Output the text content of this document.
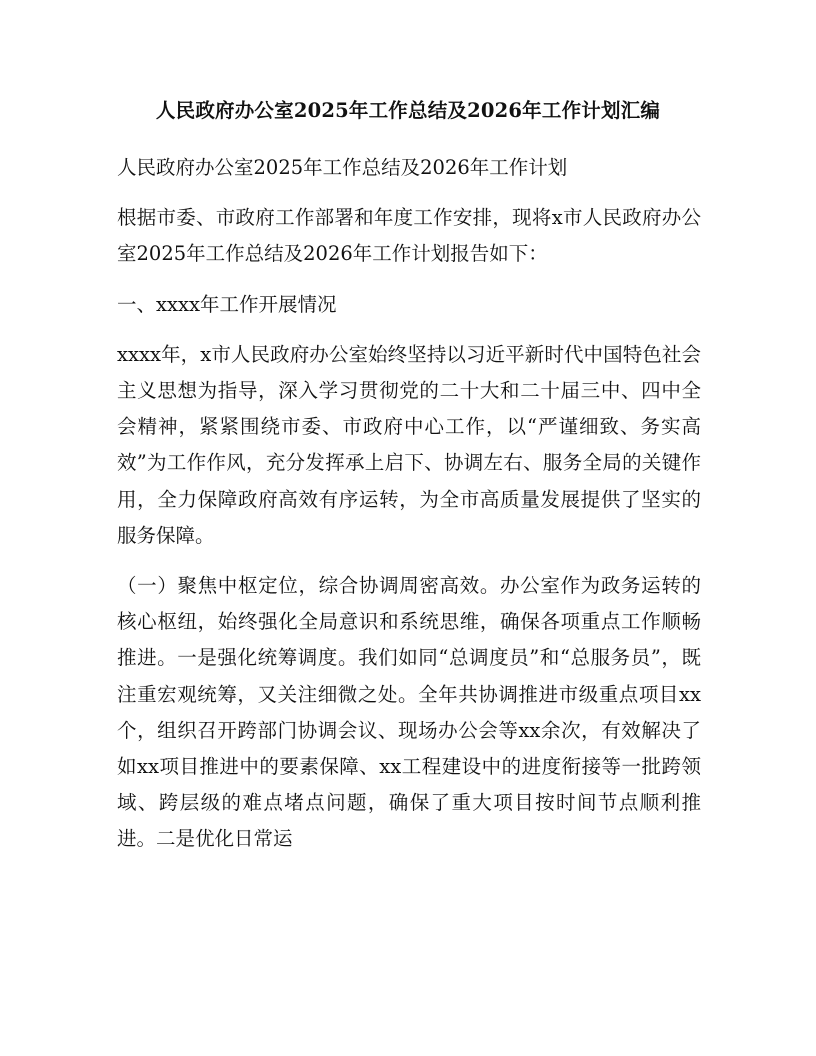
人民政府办公室2025年工作总结及2026年工作计划汇编
人民政府办公室2025年工作总结及2026年工作计划

根据市委、市政府工作部署和年度工作安排，现将x市人民政府办公室2025年工作总结及2026年工作计划报告如下：

一、xxxx年工作开展情况

xxxx年，x市人民政府办公室始终坚持以习近平新时代中国特色社会主义思想为指导，深入学习贯彻党的二十大和二十届三中、四中全会精神，紧紧围绕市委、市政府中心工作，以“严谨细致、务实高效”为工作作风，充分发挥承上启下、协调左右、服务全局的关键作用，全力保障政府高效有序运转，为全市高质量发展提供了坚实的服务保障。

（一）聚焦中枢定位，综合协调周密高效。办公室作为政务运转的核心枢纽，始终强化全局意识和系统思维，确保各项重点工作顺畅推进。一是强化统筹调度。我们如同“总调度员”和“总服务员”，既注重宏观统筹，又关注细微之处。全年共协调推进市级重点项目xx个，组织召开跨部门协调会议、现场办公会等xx余次，有效解决了如xx项目推进中的要素保障、xx工程建设中的进度衔接等一批跨领域、跨层级的难点堵点问题，确保了重大项目按时间节点顺利推进。二是优化日常运
